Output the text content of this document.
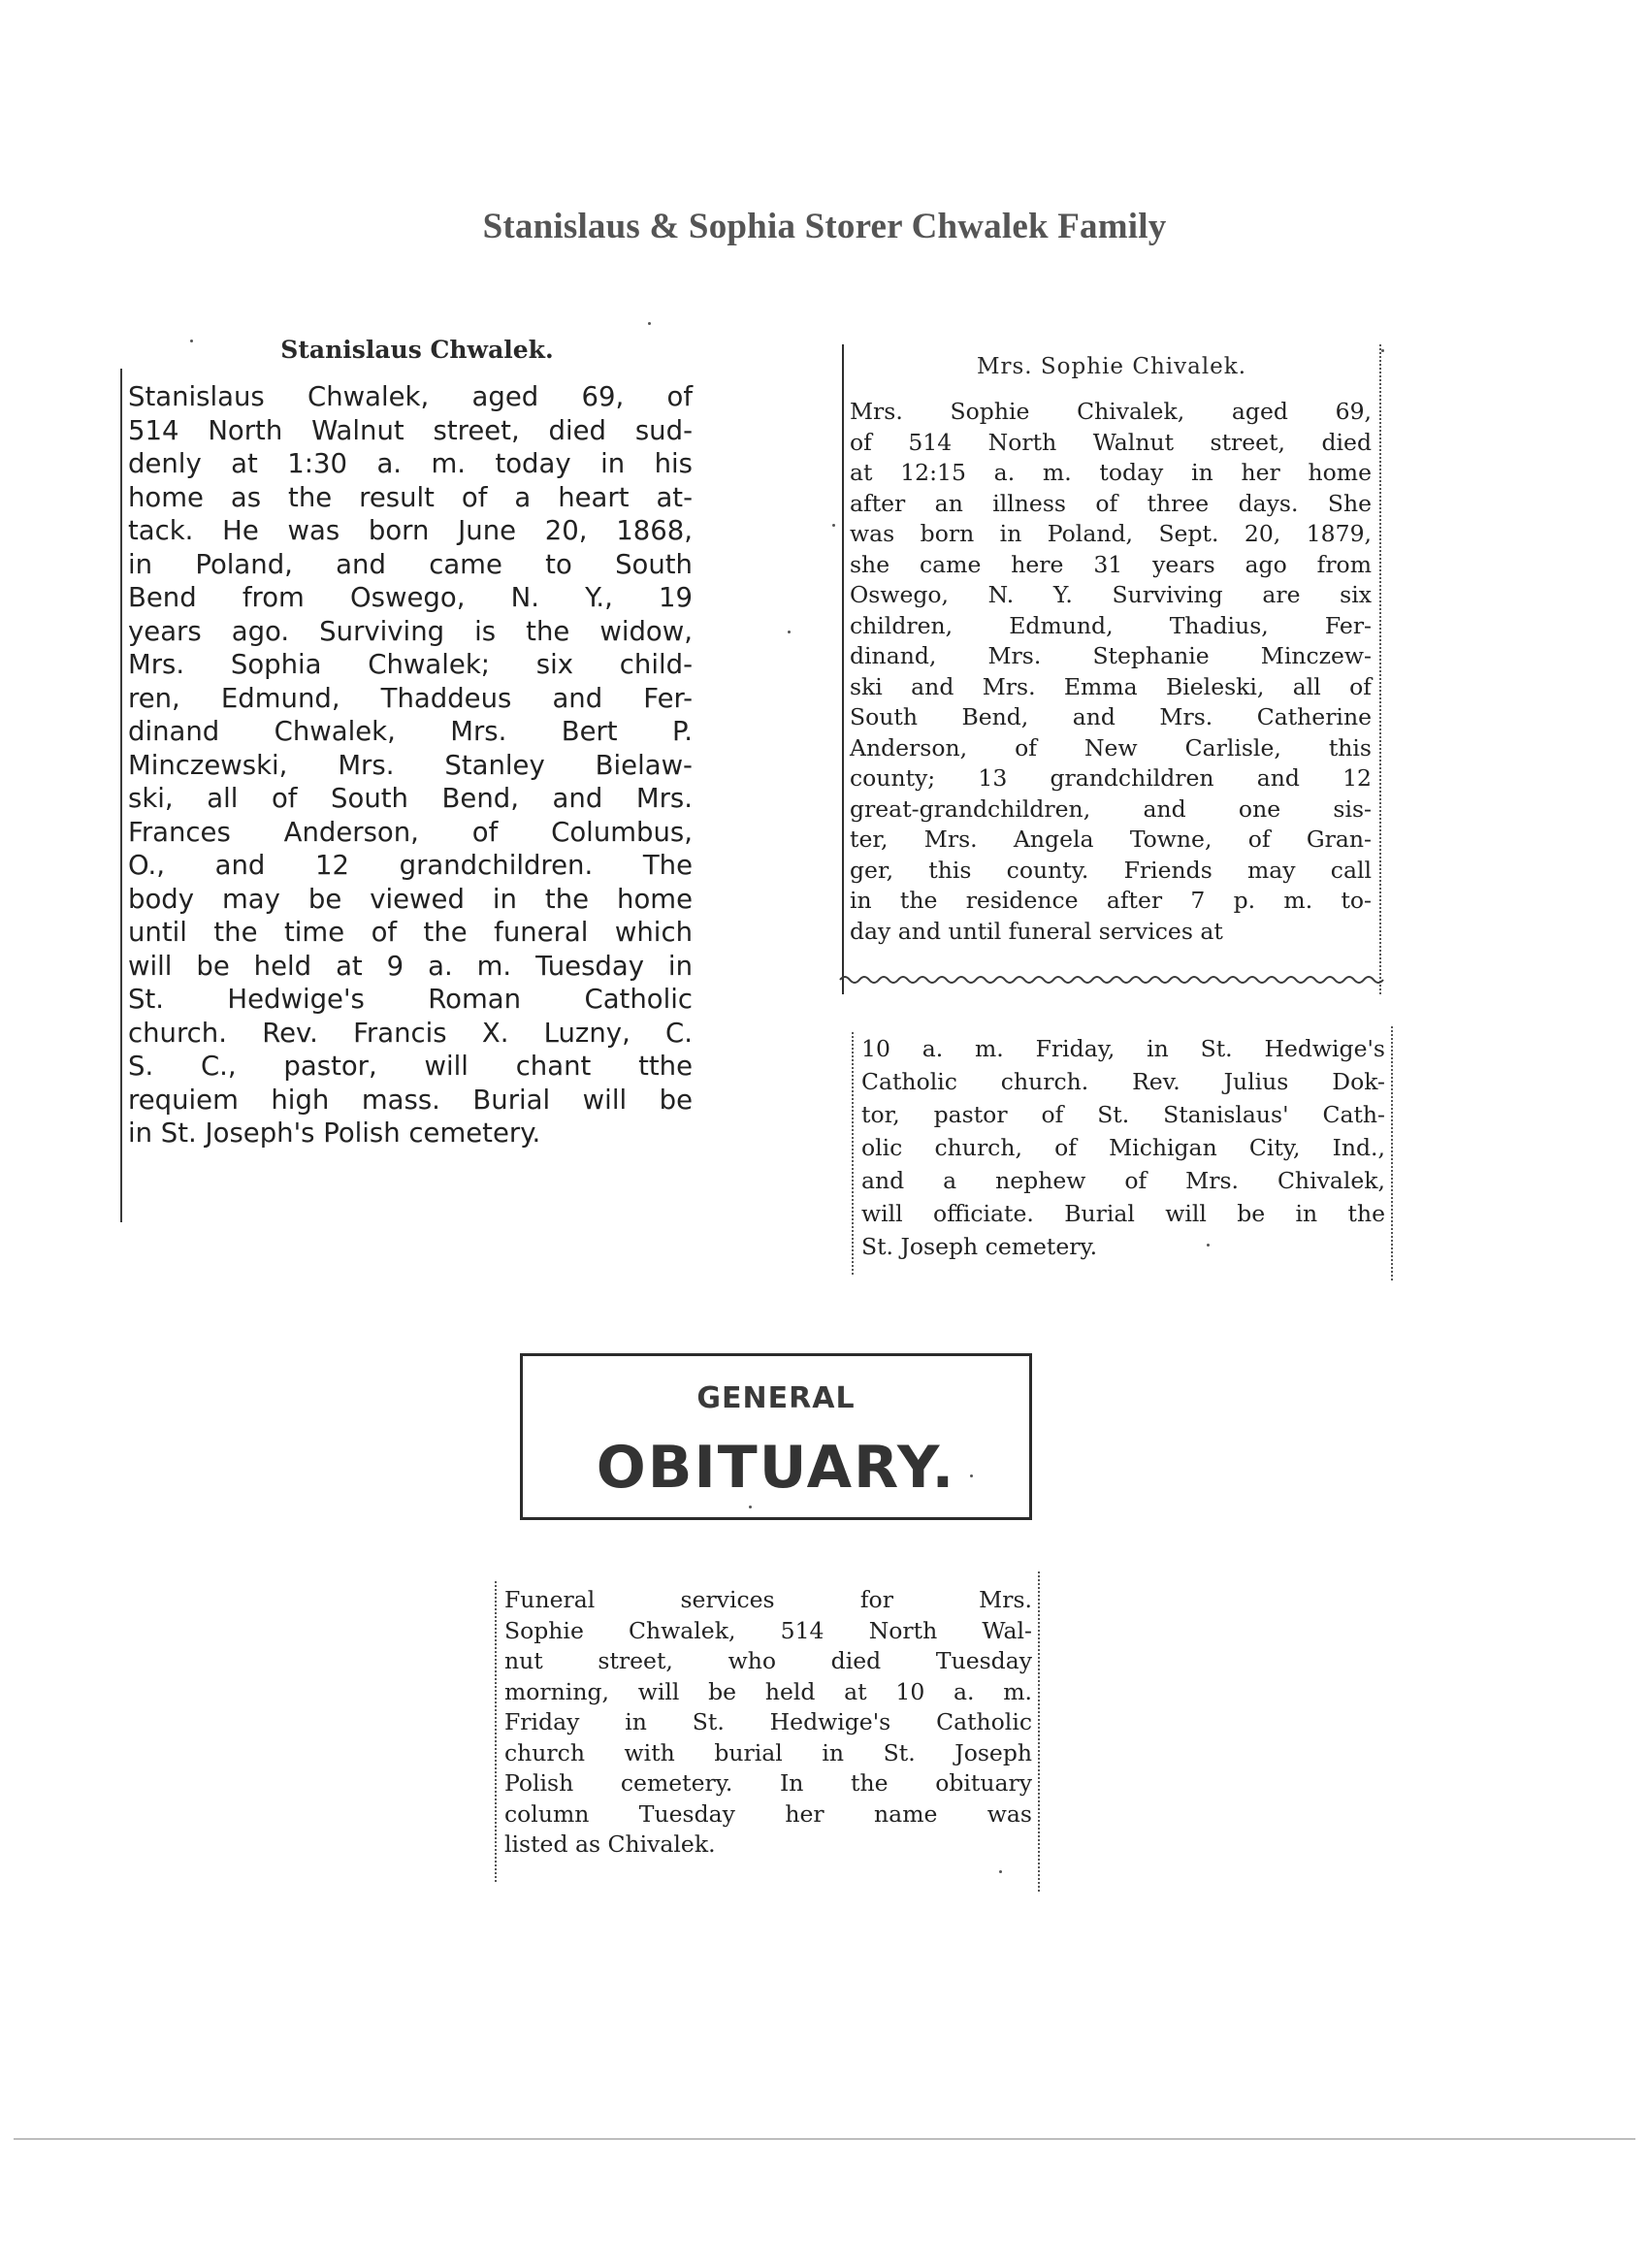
Stanislaus & Sophia Storer Chwalek Family
Stanislaus Chwalek.
Stanislaus Chwalek, aged 69, of
514 North Walnut street, died sud-
denly at 1:30 a. m. today in his
home as the result of a heart at-
tack. He was born June 20, 1868,
in Poland, and came to South
Bend from Oswego, N. Y., 19
years ago. Surviving is the widow,
Mrs. Sophia Chwalek; six child-
ren, Edmund, Thaddeus and Fer-
dinand Chwalek, Mrs. Bert P.
Minczewski, Mrs. Stanley Bielaw-
ski, all of South Bend, and Mrs.
Frances Anderson, of Columbus,
O., and 12 grandchildren. The
body may be viewed in the home
until the time of the funeral which
will be held at 9 a. m. Tuesday in
St. Hedwige's Roman Catholic
church. Rev. Francis X. Luzny, C.
S. C., pastor, will chant tthe
requiem high mass. Burial will be
in St. Joseph's Polish cemetery.
Mrs. Sophie Chivalek.
Mrs. Sophie Chivalek, aged 69,
of 514 North Walnut street, died
at 12:15 a. m. today in her home
after an illness of three days. She
was born in Poland, Sept. 20, 1879,
she came here 31 years ago from
Oswego, N. Y. Surviving are six
children, Edmund, Thadius, Fer-
dinand, Mrs. Stephanie Minczew-
ski and Mrs. Emma Bieleski, all of
South Bend, and Mrs. Catherine
Anderson, of New Carlisle, this
county; 13 grandchildren and 12
great-grandchildren, and one sis-
ter, Mrs. Angela Towne, of Gran-
ger, this county. Friends may call
in the residence after 7 p. m. to-
day and until funeral services at
10 a. m. Friday, in St. Hedwige's
Catholic church. Rev. Julius Dok-
tor, pastor of St. Stanislaus' Cath-
olic church, of Michigan City, Ind.,
and a nephew of Mrs. Chivalek,
will officiate. Burial will be in the
St. Joseph cemetery.
GENERAL
OBITUARY.
Funeral services for Mrs.
Sophie Chwalek, 514 North Wal-
nut street, who died Tuesday
morning, will be held at 10 a. m.
Friday in St. Hedwige's Catholic
church with burial in St. Joseph
Polish cemetery. In the obituary
column Tuesday her name was
listed as Chivalek.
